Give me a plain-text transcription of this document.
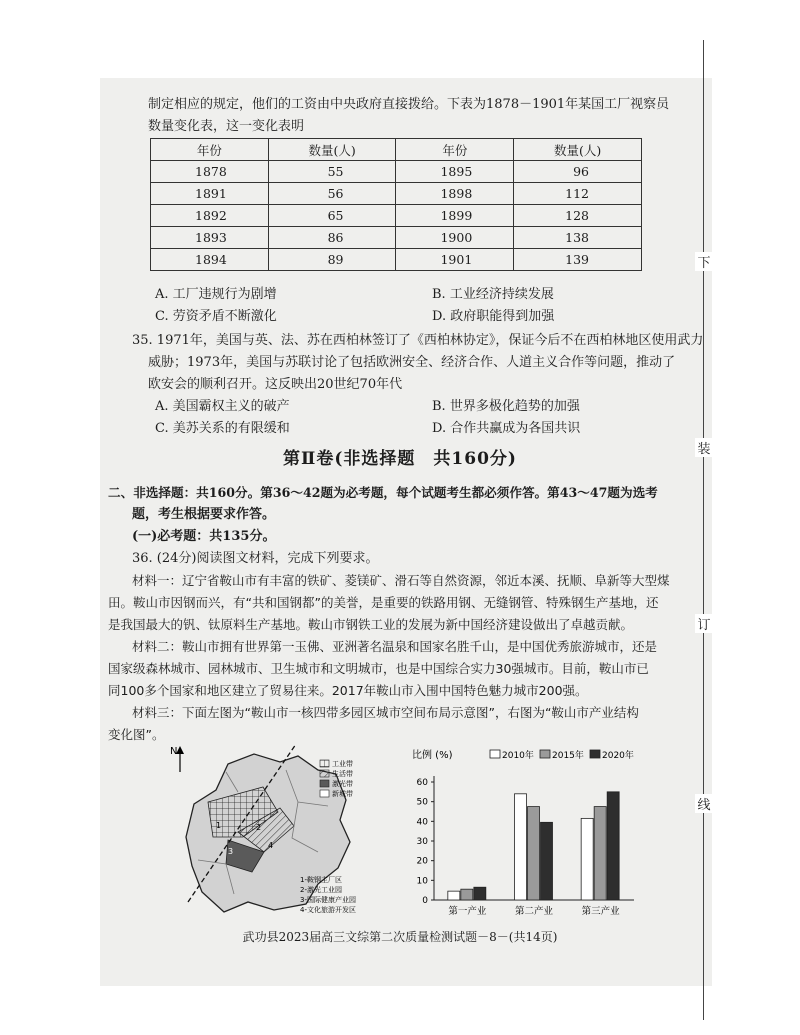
制定相应的规定，他们的工资由中央政府直接拨给。下表为1878－1901年某国工厂视察员
数量变化表，这一变化表明
年份	数量(人)	年份	数量(人)
1878	55	1895	96
1891	56	1898	112
1892	65	1899	128
1893	86	1900	138
1894	89	1901	139
A. 工厂违规行为剧增	B. 工业经济持续发展
C. 劳资矛盾不断激化	D. 政府职能得到加强
35. 1971年，美国与英、法、苏在西柏林签订了《西柏林协定》，保证今后不在西柏林地区使用武力
威胁；1973年，美国与苏联讨论了包括欧洲安全、经济合作、人道主义合作等问题，推动了
欧安会的顺利召开。这反映出20世纪70年代
A. 美国霸权主义的破产	B. 世界多极化趋势的加强
C. 美苏关系的有限缓和	D. 合作共赢成为各国共识
第Ⅱ卷(非选择题　共160分)
二、非选择题：共160分。第36～42题为必考题，每个试题考生都必须作答。第43～47题为选考
题，考生根据要求作答。
(一)必考题：共135分。
36. (24分)阅读图文材料，完成下列要求。
材料一：辽宁省鞍山市有丰富的铁矿、菱镁矿、滑石等自然资源，邻近本溪、抚顺、阜新等大型煤
田。鞍山市因钢而兴，有“共和国钢都”的美誉，是重要的铁路用钢、无缝钢管、特殊钢生产基地，还
是我国最大的钒、钛原料生产基地。鞍山市钢铁工业的发展为新中国经济建设做出了卓越贡献。
材料二：鞍山市拥有世界第一玉佛、亚洲著名温泉和国家名胜千山，是中国优秀旅游城市，还是
国家级森林城市、园林城市、卫生城市和文明城市，也是中国综合实力30强城市。目前，鞍山市已
同100多个国家和地区建立了贸易往来。2017年鞍山市入围中国特色魅力城市200强。
材料三：下面左图为“鞍山市一核四带多园区城市空间布局示意图”，右图为“鞍山市产业结构
变化图”。
1	2
3
4
N
工业带
生活带
激光带
新城带
1-鞍钢主厂区
2-激光工业园
3-国际健康产业园
4-文化旅游开发区
比例 (%)	2010年 2015年 2020年
0
10
20
30
40
50
60
第一产业	第二产业	第三产业
下
装
订
线
武功县2023届高三文综第二次质量检测试题－8－(共14页)
